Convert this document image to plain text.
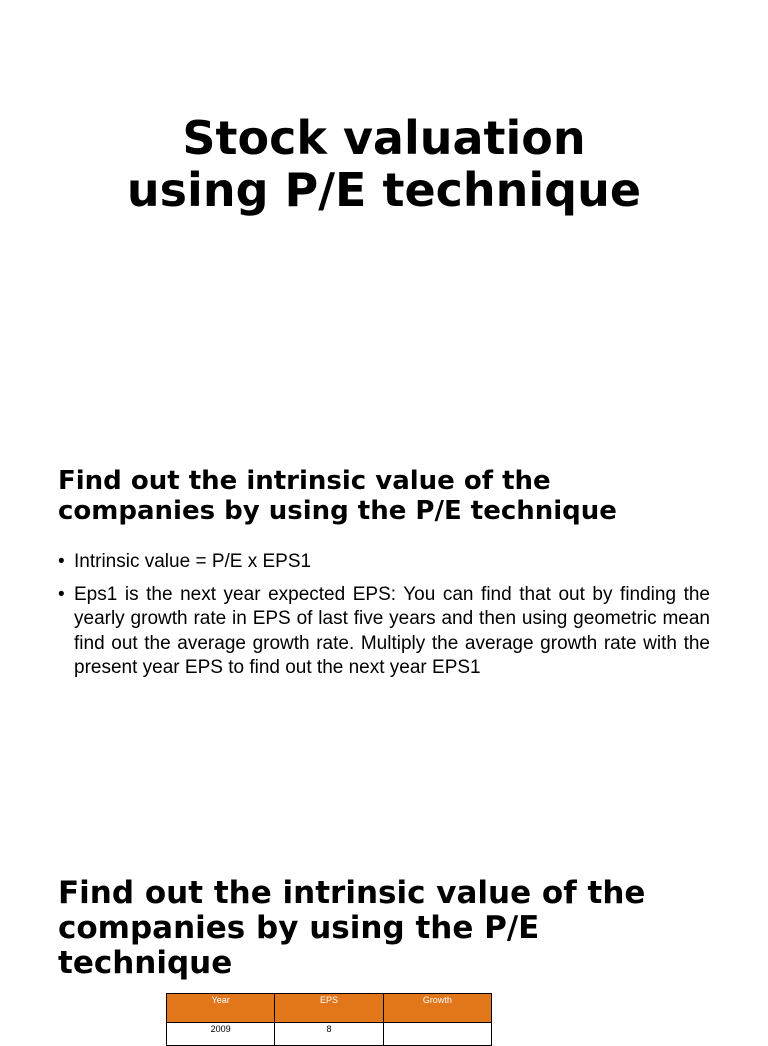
Stock valuation
using P/E technique
Find out the intrinsic value of the
companies by using the P/E technique
• Intrinsic value = P/E x EPS1
• Eps1 is the next year expected EPS: You can find that out by finding the yearly growth rate in EPS of last five years and then using geometric mean find out the average growth rate. Multiply the average growth rate with the present year EPS to find out the next year EPS1
Find out the intrinsic value of the
companies by using the P/E
technique
Year	EPS	Growth
2009	8	
